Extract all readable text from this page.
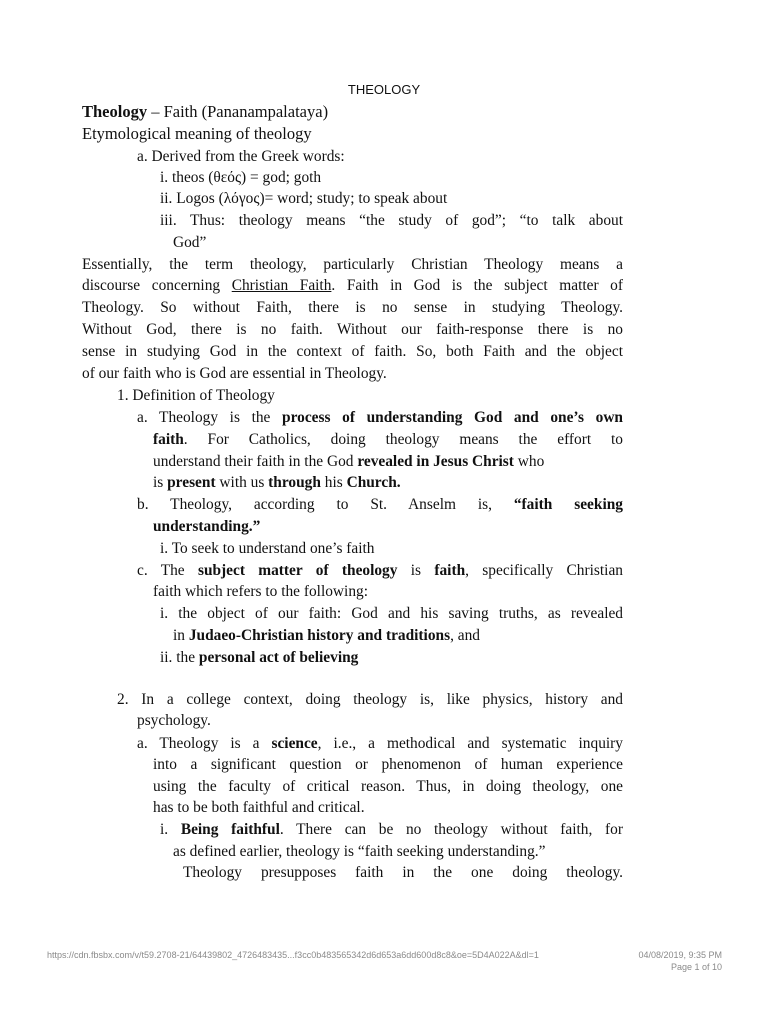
THEOLOGY
Theology – Faith (Pananampalataya)
Etymological meaning of theology
a. Derived from the Greek words:
i. theos (θεός) = god; goth
ii. Logos (λόγος)= word; study; to speak about
iii. Thus: theology means “the study of god”; “to talk about
God”
Essentially, the term theology, particularly Christian Theology means a
discourse concerning Christian Faith. Faith in God is the subject matter of
Theology. So without Faith, there is no sense in studying Theology.
Without God, there is no faith. Without our faith-response there is no
sense in studying God in the context of faith. So, both Faith and the object
of our faith who is God are essential in Theology.
1. Definition of Theology
a. Theology is the process of understanding God and one’s own
faith. For Catholics, doing theology means the effort to
understand their faith in the God revealed in Jesus Christ who
is present with us through his Church.
b. Theology, according to St. Anselm is, “faith seeking
understanding.”
i. To seek to understand one’s faith
c. The subject matter of theology is faith, specifically Christian
faith which refers to the following:
i. the object of our faith: God and his saving truths, as revealed
in Judaeo-Christian history and traditions, and
ii. the personal act of believing
2. In a college context, doing theology is, like physics, history and
psychology.
a. Theology is a science, i.e., a methodical and systematic inquiry
into a significant question or phenomenon of human experience
using the faculty of critical reason. Thus, in doing theology, one
has to be both faithful and critical.
i. Being faithful. There can be no theology without faith, for
as defined earlier, theology is “faith seeking understanding.”
Theology presupposes faith in the one doing theology.
https://cdn.fbsbx.com/v/t59.2708-21/64439802_4726483435...f3cc0b483565342d6d653a6dd600d8c8&oe=5D4A022A&dl=1	04/08/2019, 9:35 PM
Page 1 of 10
